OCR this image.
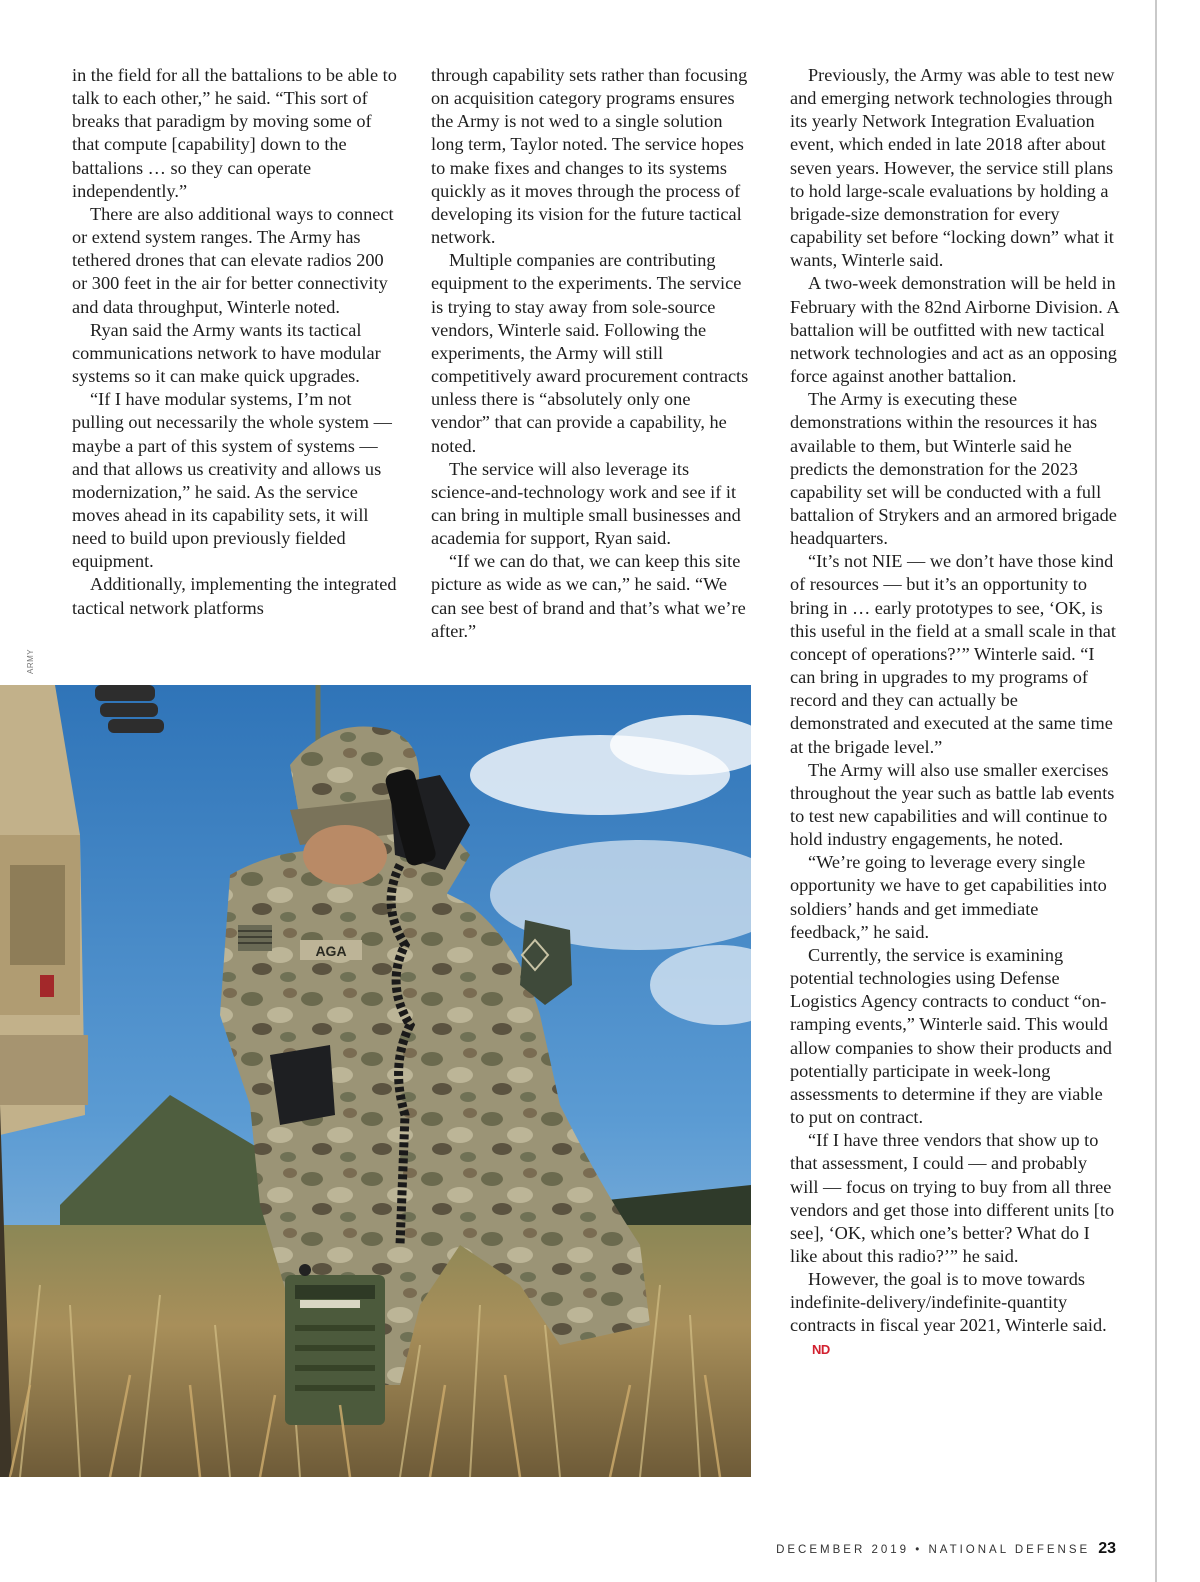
in the field for all the battalions to be able to talk to each other,” he said. “This sort of breaks that paradigm by moving some of that compute [capability] down to the battalions … so they can operate independently.”

There are also additional ways to connect or extend system ranges. The Army has tethered drones that can elevate radios 200 or 300 feet in the air for better connectivity and data throughput, Winterle noted.

Ryan said the Army wants its tactical communications network to have modular systems so it can make quick upgrades.

“If I have modular systems, I’m not pulling out necessarily the whole system — maybe a part of this system of systems — and that allows us creativity and allows us modernization,” he said. As the service moves ahead in its capability sets, it will need to build upon previously fielded equipment.

Additionally, implementing the integrated tactical network platforms

through capability sets rather than focusing on acquisition category programs ensures the Army is not wed to a single solution long term, Taylor noted. The service hopes to make fixes and changes to its systems quickly as it moves through the process of developing its vision for the future tactical network.

Multiple companies are contributing equipment to the experiments. The service is trying to stay away from sole-source vendors, Winterle said. Following the experiments, the Army will still competitively award procurement contracts unless there is “absolutely only one vendor” that can provide a capability, he noted.

The service will also leverage its science-and-technology work and see if it can bring in multiple small businesses and academia for support, Ryan said.

“If we can do that, we can keep this site picture as wide as we can,” he said. “We can see best of brand and that’s what we’re after.”

Previously, the Army was able to test new and emerging network technologies through its yearly Network Integration Evaluation event, which ended in late 2018 after about seven years. However, the service still plans to hold large-scale evaluations by holding a brigade-size demonstration for every capability set before “locking down” what it wants, Winterle said.

A two-week demonstration will be held in February with the 82nd Airborne Division. A battalion will be outfitted with new tactical network technologies and act as an opposing force against another battalion.

The Army is executing these demonstrations within the resources it has available to them, but Winterle said he predicts the demonstration for the 2023 capability set will be conducted with a full battalion of Strykers and an armored brigade headquarters.

“It’s not NIE — we don’t have those kind of resources — but it’s an opportunity to bring in … early prototypes to see, ‘OK, is this useful in the field at a small scale in that concept of operations?’” Winterle said. “I can bring in upgrades to my programs of record and they can actually be demonstrated and executed at the same time at the brigade level.”

The Army will also use smaller exercises throughout the year such as battle lab events to test new capabilities and will continue to hold industry engagements, he noted.

“We’re going to leverage every single opportunity we have to get capabilities into soldiers’ hands and get immediate feedback,” he said.

Currently, the service is examining potential technologies using Defense Logistics Agency contracts to conduct “on-ramping events,” Winterle said. This would allow companies to show their products and potentially participate in week-long assessments to determine if they are viable to put on contract.

“If I have three vendors that show up to that assessment, I could — and probably will — focus on trying to buy from all three vendors and get those into different units [to see], ‘OK, which one’s better? What do I like about this radio?’” he said.

However, the goal is to move towards indefinite-delivery/indefinite-quantity contracts in fiscal year 2021, Winterle said.ND

ARMY
AGA
DECEMBER 2019 • NATIONAL DEFENSE 23
